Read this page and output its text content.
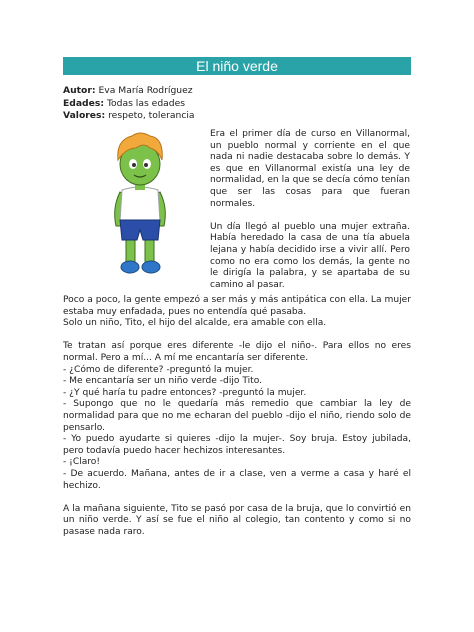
El niño verde
Autor: Eva María Rodríguez
Edades: Todas las edades
Valores: respeto, tolerancia

Era el primer día de curso en Villanormal, un pueblo normal y corriente en el que nada ni nadie destacaba sobre lo demás. Y es que en Villanormal existía una ley de normalidad, en la que se decía cómo tenían que ser las cosas para que fueran normales.

Un día llegó al pueblo una mujer extraña. Había heredado la casa de una tía abuela lejana y había decidido irse a vivir allí. Pero como no era como los demás, la gente no le dirigía la palabra, y se apartaba de su camino al pasar.

Poco a poco, la gente empezó a ser más y más antipática con ella. La mujer estaba muy enfadada, pues no entendía qué pasaba.

Solo un niño, Tito, el hijo del alcalde, era amable con ella.

Te tratan así porque eres diferente -le dijo el niño-. Para ellos no eres normal. Pero a mí... A mí me encantaría ser diferente.

- ¿Cómo de diferente? -preguntó la mujer.

- Me encantaría ser un niño verde -dijo Tito.

- ¿Y qué haría tu padre entonces? -preguntó la mujer.

- Supongo que no le quedaría más remedio que cambiar la ley de normalidad para que no me echaran del pueblo -dijo el niño, riendo solo de pensarlo.

- Yo puedo ayudarte si quieres -dijo la mujer-. Soy bruja. Estoy jubilada, pero todavía puedo hacer hechizos interesantes.

- ¡Claro!

- De acuerdo. Mañana, antes de ir a clase, ven a verme a casa y haré el hechizo.

A la mañana siguiente, Tito se pasó por casa de la bruja, que lo convirtió en un niño verde. Y así se fue el niño al colegio, tan contento y como si no pasase nada raro.
